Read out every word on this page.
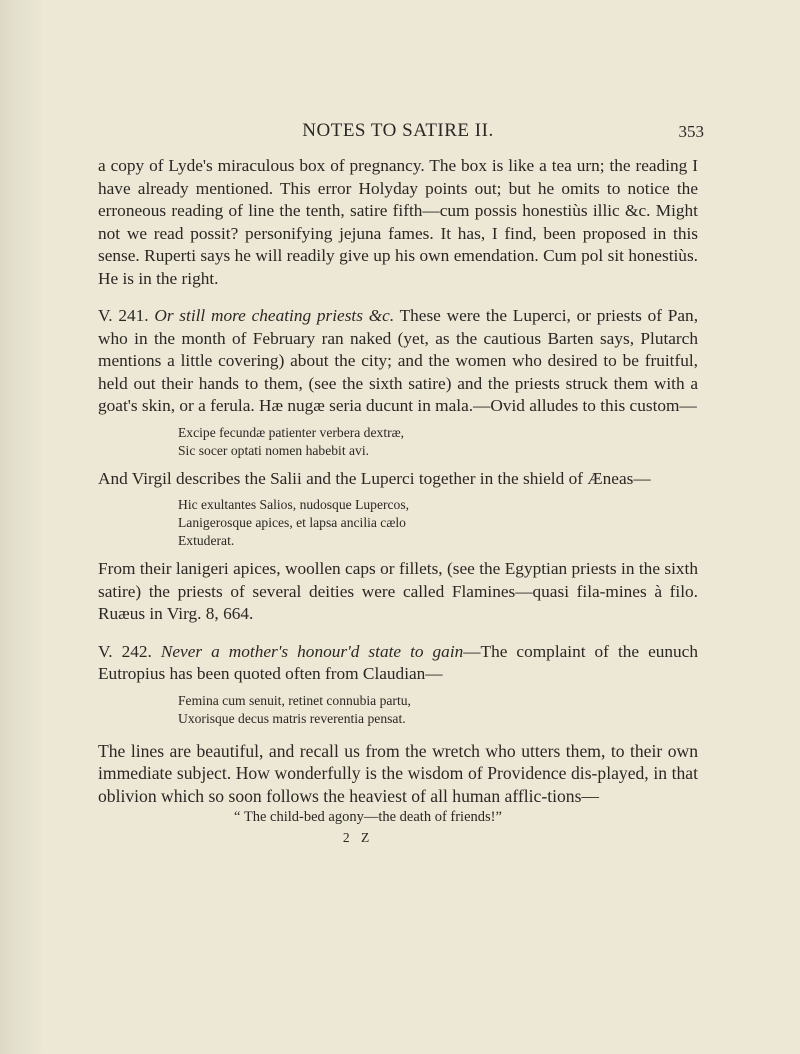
NOTES TO SATIRE II.	353

a copy of Lyde's miraculous box of pregnancy. The box is like a tea urn; the reading I have already mentioned. This error Holyday points out; but he omits to notice the erroneous reading of line the tenth, satire fifth—cum possis honestiùs illic &c. Might not we read possit? personifying jejuna fames. It has, I find, been proposed in this sense. Ruperti says he will readily give up his own emendation. Cum pol sit honestiùs. He is in the right.

V. 241. Or still more cheating priests &c. These were the Luperci, or priests of Pan, who in the month of February ran naked (yet, as the cautious Barten says, Plutarch mentions a little covering) about the city; and the women who desired to be fruitful, held out their hands to them, (see the sixth satire) and the priests struck them with a goat's skin, or a ferula. Hæ nugæ seria ducunt in mala.—Ovid alludes to this custom—

Excipe fecundæ patienter verbera dextræ,
Sic socer optati nomen habebit avi.

And Virgil describes the Salii and the Luperci together in the shield of Æneas—

Hic exultantes Salios, nudosque Lupercos,
Lanigerosque apices, et lapsa ancilia cælo
Extuderat.

From their lanigeri apices, woollen caps or fillets, (see the Egyptian priests in the sixth satire) the priests of several deities were called Flamines—quasi fila-mines à filo. Ruæus in Virg. 8, 664.

V. 242. Never a mother's honour'd state to gain—The complaint of the eunuch Eutropius has been quoted often from Claudian—

Femina cum senuit, retinet connubia partu,
Uxorisque decus matris reverentia pensat.

The lines are beautiful, and recall us from the wretch who utters them, to their own immediate subject. How wonderfully is the wisdom of Providence dis-played, in that oblivion which so soon follows the heaviest of all human afflic-tions—

“ The child-bed agony—the death of friends!”
2 Z
